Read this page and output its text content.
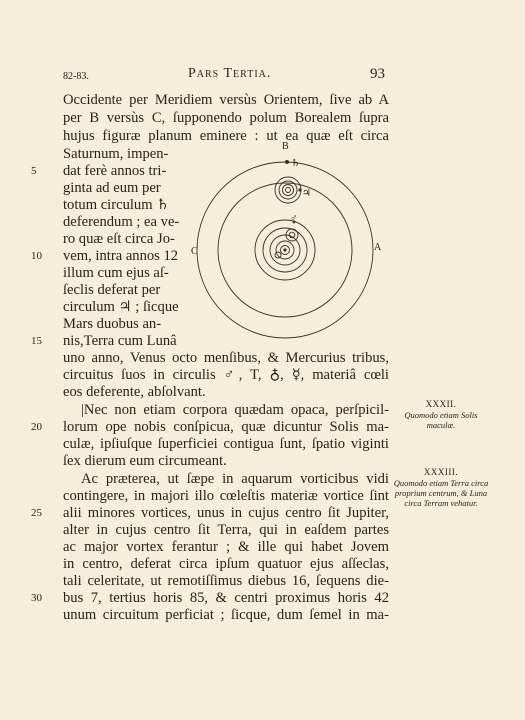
82-83.	Pars Tertia.	93
Occidente per Meridiem versùs Orientem, ſive ab A
per B versùs C, ſupponendo polum Borealem ſupra
hujus figuræ planum eminere : ut ea quæ eſt circa
Saturnum, impen-
dat ferè annos tri-
ginta ad eum per
totum circulum ♄
deferendum ; ea ve-
ro quæ eſt circa Jo-
vem, intra annos 12
illum cum ejus aſ-
ſeclis deferat per
circulum ♃ ; ſicque
Mars duobus an-
nis,Terra cum Lunâ
uno anno, Venus octo menſibus, & Mercurius tribus,
circuitus ſuos in circulis ♂, T, ♁, ☿, materiâ cœli
eos deferente, abſolvant.
|Nec non etiam corpora quædam opaca, perſpicil-
lorum ope nobis conſpicua, quæ dicuntur Solis ma-
culæ, ipſiuſque ſuperficiei contigua ſunt, ſpatio viginti
ſex dierum eum circumeant.
Ac præterea, ut ſæpe in aquarum vorticibus vidi
contingere, in majori illo cœleſtis materiæ vortice ſint
alii minores vortices, unus in cujus centro ſit Jupiter,
alter in cujus centro ſit Terra, qui in eaſdem partes
ac major vortex ferantur ; & ille qui habet Jovem
in centro, deferat circa ipſum quatuor ejus aſſeclas,
tali celeritate, ut remotiſſimus diebus 16, ſequens die-
bus 7, tertius horis 85, & centri proximus horis 42
unum circuitum perficiat ; ſicque, dum ſemel in ma-
5
10
15
20
25
30
XXXII.
Quomodo etiam Solis maculæ.
XXXIII.
Quomodo etiam Terra circa proprium centrum, & Luna circa Terram vehatur.
B
A
C
♄
♃
♂
